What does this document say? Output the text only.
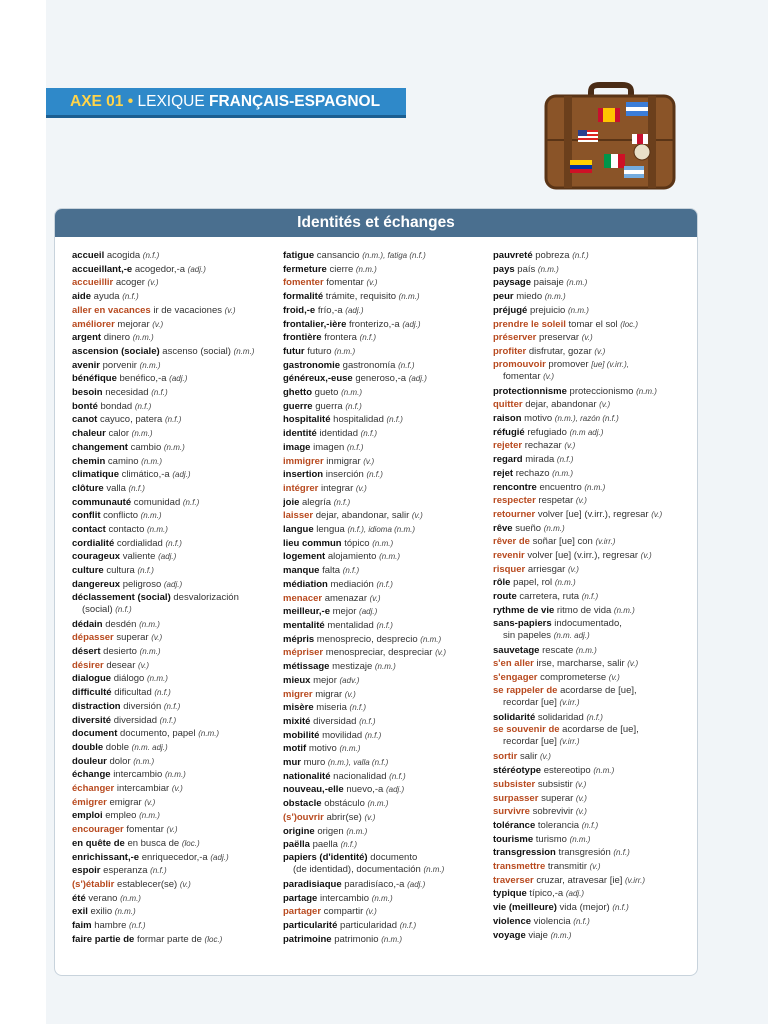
AXE 01 • LEXIQUE FRANÇAIS-ESPAGNOL
Identités et échanges
accueil acogida (n.f.)
accueillant,-e acogedor,-a (adj.)
accueillir acoger (v.)
aide ayuda (n.f.)
aller en vacances ir de vacaciones (v.)
améliorer mejorar (v.)
argent dinero (n.m.)
ascension (sociale) ascenso (social) (n.m.)
avenir porvenir (n.m.)
bénéfique benéfico,-a (adj.)
besoin necesidad (n.f.)
bonté bondad (n.f.)
canot cayuco, patera (n.f.)
chaleur calor (n.m.)
changement cambio (n.m.)
chemin camino (n.m.)
climatique climático,-a (adj.)
clôture valla (n.f.)
communauté comunidad (n.f.)
conflit conflicto (n.m.)
contact contacto (n.m.)
cordialité cordialidad (n.f.)
courageux valiente (adj.)
culture cultura (n.f.)
dangereux peligroso (adj.)
déclassement (social) desvalorización
(social) (n.f.)
dédain desdén (n.m.)
dépasser superar (v.)
désert desierto (n.m.)
désirer desear (v.)
dialogue diálogo (n.m.)
difficulté dificultad (n.f.)
distraction diversión (n.f.)
diversité diversidad (n.f.)
document documento, papel (n.m.)
double doble (n.m. adj.)
douleur dolor (n.m.)
échange intercambio (n.m.)
échanger intercambiar (v.)
émigrer emigrar (v.)
emploi empleo (n.m.)
encourager fomentar (v.)
en quête de en busca de (loc.)
enrichissant,-e enriquecedor,-a (adj.)
espoir esperanza (n.f.)
(s')établir establecer(se) (v.)
été verano (n.m.)
exil exilio (n.m.)
faim hambre (n.f.)
faire partie de formar parte de (loc.)
fatigue cansancio (n.m.), fatiga (n.f.)
fermeture cierre (n.m.)
fomenter fomentar (v.)
formalité trámite, requisito (n.m.)
froid,-e frío,-a (adj.)
frontalier,-ière fronterizo,-a (adj.)
frontière frontera (n.f.)
futur futuro (n.m.)
gastronomie gastronomía (n.f.)
généreux,-euse generoso,-a (adj.)
ghetto gueto (n.m.)
guerre guerra (n.f.)
hospitalité hospitalidad (n.f.)
identité identidad (n.f.)
image imagen (n.f.)
immigrer inmigrar (v.)
insertion inserción (n.f.)
intégrer integrar (v.)
joie alegría (n.f.)
laisser dejar, abandonar, salir (v.)
langue lengua (n.f.), idioma (n.m.)
lieu commun tópico (n.m.)
logement alojamiento (n.m.)
manque falta (n.f.)
médiation mediación (n.f.)
menacer amenazar (v.)
meilleur,-e mejor (adj.)
mentalité mentalidad (n.f.)
mépris menosprecio, desprecio (n.m.)
mépriser menospreciar, despreciar (v.)
métissage mestizaje (n.m.)
mieux mejor (adv.)
migrer migrar (v.)
misère miseria (n.f.)
mixité diversidad (n.f.)
mobilité movilidad (n.f.)
motif motivo (n.m.)
mur muro (n.m.), valla (n.f.)
nationalité nacionalidad (n.f.)
nouveau,-elle nuevo,-a (adj.)
obstacle obstáculo (n.m.)
(s')ouvrir abrir(se) (v.)
origine origen (n.m.)
paëlla paella (n.f.)
papiers (d'identité) documento
(de identidad), documentación (n.m.)
paradisiaque paradisíaco,-a (adj.)
partage intercambio (n.m.)
partager compartir (v.)
particularité particularidad (n.f.)
patrimoine patrimonio (n.m.)
pauvreté pobreza (n.f.)
pays país (n.m.)
paysage paisaje (n.m.)
peur miedo (n.m.)
préjugé prejuicio (n.m.)
prendre le soleil tomar el sol (loc.)
préserver preservar (v.)
profiter disfrutar, gozar (v.)
promouvoir promover [ue] (v.irr.),
fomentar (v.)
protectionnisme proteccionismo (n.m.)
quitter dejar, abandonar (v.)
raison motivo (n.m.), razón (n.f.)
réfugié refugiado (n.m adj.)
rejeter rechazar (v.)
regard mirada (n.f.)
rejet rechazo (n.m.)
rencontre encuentro (n.m.)
respecter respetar (v.)
retourner volver [ue] (v.irr.), regresar (v.)
rêve sueño (n.m.)
rêver de soñar [ue] con (v.irr.)
revenir volver [ue] (v.irr.), regresar (v.)
risquer arriesgar (v.)
rôle papel, rol (n.m.)
route carretera, ruta (n.f.)
rythme de vie ritmo de vida (n.m.)
sans-papiers indocumentado,
sin papeles (n.m. adj.)
sauvetage rescate (n.m.)
s'en aller irse, marcharse, salir (v.)
s'engager comprometerse (v.)
se rappeler de acordarse de [ue],
recordar [ue] (v.irr.)
solidarité solidaridad (n.f.)
se souvenir de acordarse de [ue],
recordar [ue] (v.irr.)
sortir salir (v.)
stéréotype estereotipo (n.m.)
subsister subsistir (v.)
surpasser superar (v.)
survivre sobrevivir (v.)
tolérance tolerancia (n.f.)
tourisme turismo (n.m.)
transgression transgresión (n.f.)
transmettre transmitir (v.)
traverser cruzar, atravesar [ie] (v.irr.)
typique típico,-a (adj.)
vie (meilleure) vida (mejor) (n.f.)
violence violencia (n.f.)
voyage viaje (n.m.)
